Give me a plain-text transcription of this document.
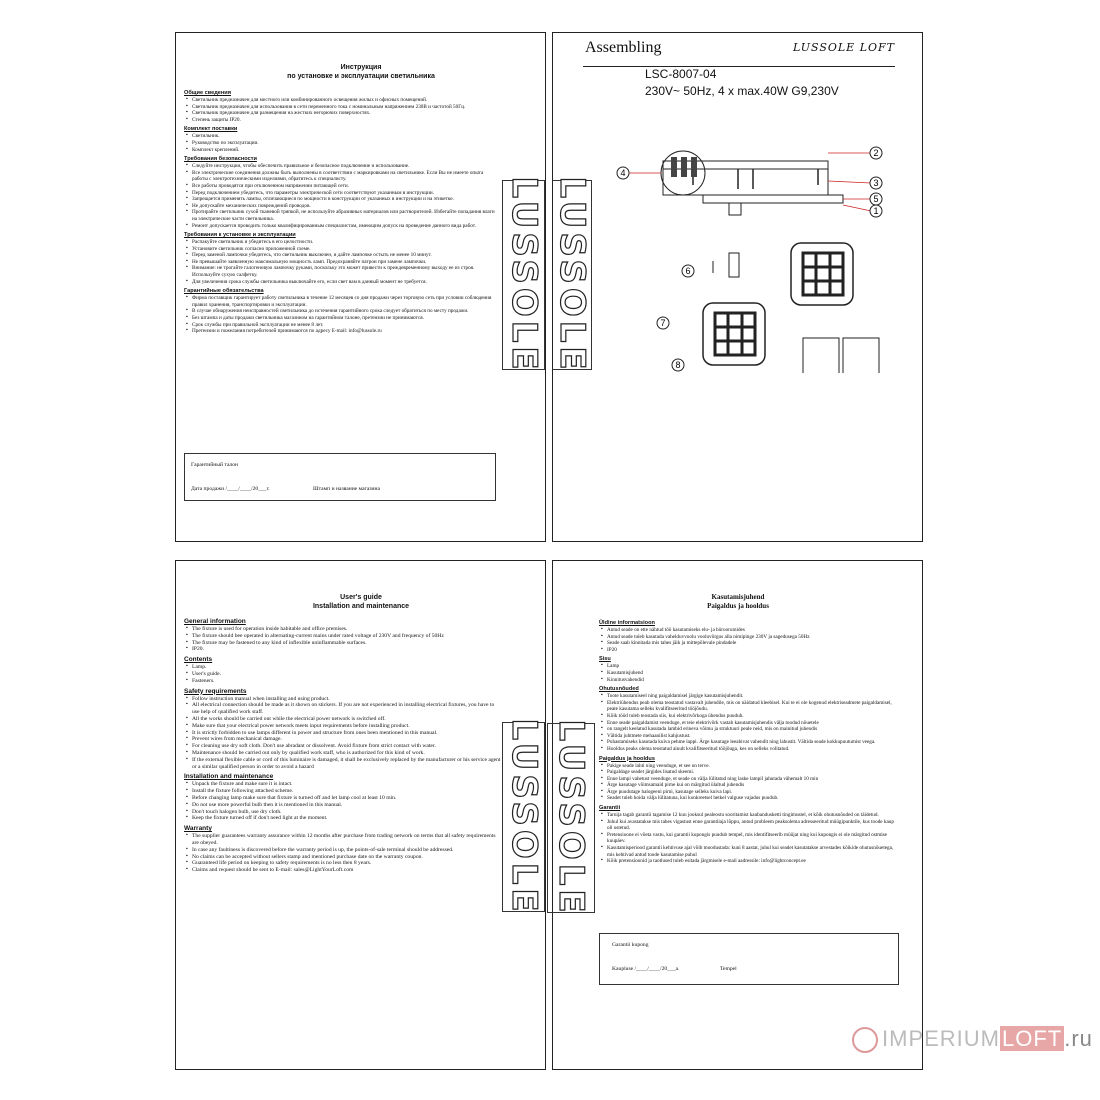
Инструкция
по установке и эксплуатации светильника
Общие сведения
▪ Светильник предназначен для местного или комбинированного освещения жилых и офисных помещений.
▪ Светильник предназначен для использования в сети переменного тока с номинальным напряжением 230В и частотой 50Гц.
▪ Светильник предназначен для размещения на жестких негорючих поверхностях.
▪ Степень защиты IP20.
Комплект поставки
▪ Светильник.
▪ Руководство по эксплуатации.
▪ Комплект креплений.
Требования безопасности
▪ Следуйте инструкции, чтобы обеспечить правильное и безопасное подключение и использование.
▪ Все электрические соединения должны быть выполнены в соответствии с маркировками на светильнике. Если Вы не имеете опыта работы с электротехническими изделиями, обратитесь к специалисту.
▪ Все работы проводятся при отключенном напряжении питающей сети.
▪ Перед подключением убедитесь, что параметры электрической сети соответствуют указанным в инструкции.
▪ Запрещается применять лампы, отличающиеся по мощности в конструкции от указанных в инструкции и на этикетке.
▪ Не допускайте механических повреждений проводов.
▪ Протирайте светильник сухой тканевой тряпкой, не используйте абразивных материалов или растворителей. Избегайте попадания влаги на электрические части светильника.
▪ Ремонт допускается проводить только квалифицированным специалистам, имеющим допуск на проведение данного вида работ.
Требования к установке и эксплуатации
▪ Распакуйте светильник и убедитесь в его целостности.
▪ Установите светильник согласно приложенной схеме.
▪ Перед заменой лампочки убедитесь, что светильник выключен, и дайте лампочке остыть не менее 10 минут.
▪ Не превышайте заявленную максимальную мощность ламп. Предохраняйте патрон при замене лампочки.
▪ Внимание: не трогайте галогеновую лампочку руками, поскольку это может привести к преждевременному выходу ее из строя. Используйте сухую салфетку.
▪ Для увеличения срока службы светильника выключайте его, если свет вам в данный момент не требуется.
Гарантийные обязательства
▪ Фирма поставщик гарантирует работу светильника в течение 12 месяцев со дня продажи через торговую сеть при условии соблюдения правил хранения, транспортировки и эксплуатации.
▪ В случае обнаружения неисправностей светильника до истечения гарантийного срока следует обратиться по месту продажи.
▪ Без штампа и даты продажи светильника магазином на гарантийном талоне, претензии не принимаются.
▪ Срок службы при правильной эксплуатации не менее 8 лет.
▪ Претензии и пожелания потребителей принимаются по адресу E-mail: info@lussole.ru
Гарантийный талон
Дата продажи /____/____/20___г.	Штамп и название магазина
LUSSOLE
Assembling	LUSSOLE LOFT
LSC-8007-04
230V~ 50Hz, 4 x max.40W G9,230V
1
2
3
4
5
6
7
8
User's guide
Installation and maintenance
General information
▪ The fixture is used for operation inside habitable and office premises.
▪ The fixture should bee operated in alternating-current mains under rated voltage of 230V and frequency of 50Hz
▪ The fixture may be fastened to any kind of inflexible uninflammable surfaces.
▪ IP20.
Contents
▪ Lamp.
▪ User's guide.
▪ Fasteners.
Safety requirements
▪ Follow instruction manual when installing and using product.
▪ All electrical connection should be made as it shown on stickers. If you are not experienced in installing electrical fixtures, you have to use help of qualified work staff.
▪ All the works should be carried out while the electrical power network is switched off.
▪ Make sure that your electrical power network meets input requirements before installing product.
▪ It is strictly forbidden to use lamps different in power and structure from ones been mentioned in this manual.
▪ Prevent wires from mechanical damage.
▪ For cleaning use dry soft cloth. Don't use abradant or dissolvent. Avoid fixture from strict contact with water.
▪ Maintenance should be carried out only by qualified work staff, who is authorized for this kind of work.
▪ If the external flexible cable or cord of this luminaire is damaged, it shall be exclusively replaced by the manufacturer or his service agent or a similar qualified person in order to avoid a hazard
Installation and maintenance
▪ Unpack the fixture and make sure it is intact.
▪ Install the fixture following attached scheme.
▪ Before changing lamp make sure that fixture is turned off and let lamp cool at least 10 min.
▪ Do not use more powerful bulb then it is mentioned in this manual.
▪ Don't touch halogen bulb, use dry cloth.
▪ Keep the fixture turned off if don't need light at the moment.
Warranty
▪ The supplier guarantees warranty assurance within 12 months after purchase from trading network on terms that all safety requirements are obeyed.
▪ In case any faultiness is discovered before the warranty period is up, the points-of-sale terminal should be addressed.
▪ No claims can be accepted without sellers stamp and mentioned purchase date on the warranty coupon.
▪ Guaranteed life period on keeping to safety requirements is no less then 8 years.
▪ Claims and request should be sent to E-mail: sales@LightYourLoft.com	LUSSOLE
Kasutamisjuhend
Paigaldus ja hooldus
Üldine informatsioon
▪ Antud seade on ette nähtud töö kasutamiseks elu- ja büroorumides
▪ Antud seade tuleb kasutada vahelduvvoolu vooluvõrgus alla nimipinge 230V ja sagedusega 50Hz
▪ Seade saab kinnitada mis tahes jäik ja mittepõlevale pindadele
▪ IP20
Sisu
▪ Lamp
▪ Kasutamisjuhend
▪ Kinnitusvahendid
Ohutusnõuded
▪ Toote kasutamiseel ning paigaldamisel järgige kasutamisjuhendit.
▪ Elektriühendus peab olema teostatud vastavalt juhendile, mis on näidatud kleebisel. Kui te ei ole kogenud elektriseadmete paigaldamisel, peate kasutama selleks kvalifitseeritud tööjõudu.
▪ Kõik tööd tuleb teostada siis, kui elektrivõrkoga ühendus puudub.
▪ Enne seade paigaldamist veenduge, et teie elektrivõrk vastab kasutamisjuhendis välja toodud nõuetele
▪ on rangelt keelatud kasutada lambid erineva võimu ja struktuuri peale neid, mis on mainitud juhendis
▪ Vältida juhtmete mehaanilist kahjustust.
▪ Puhastamiseks kasutada kuiva pehme lappi. Ärge kasutage leeabivat vahendit ning lahustit. Vältida seade kokkupuutumist veega.
▪ Hooldus peaks olema teostatud ainult kvalifitseeritud tööjõuga, kes on selleks volitatud.
Paigaldus ja hooldus
▪ Pakige seade lahti ning veenduge, et see on terve.
▪ Paigaldage seadet järgides lisatud skeemi.
▪ Enne lampi vahetust veenduge, et seade on välja lülitatud ning laske lampil jahutada vähemalt 10 min
▪ Ärge kasutage võimsamaid pirne kui on märgitud ülaltud juhendis
▪ Ärge puudutage halogeeni pirni, kasutage selleks kuiva lapi.
▪ Seadet tuleb hoida välja lülitatuna, kui konkreetsel hetkel valguse vajadus puudub.
Garantii
▪ Tarnija tagab garantii tagamise 12 kuu jooksul pealeostu sooritamist kaubandusketti tingimustel, et kõik ohutusnõuded on täidetud.
▪ Juhul kui avastatakse mis tahes vigastust enne garantiiaja lõppu, antud probleem peaksolema adresseeritud müügipunktile, kus toode kaup oli ostetud.
▪ Pretensioone ei võeta vastu, kui garantii kupongis puudub tempel, mis identifitseerib müüjat ning kui kupongis ei ole märgitud ostmise kuupäev.
▪ Kasutamisperiood garantii kehtivuse ajal võib moodustada: kuni 8 aastat, juhul kui seadet kasutatakse arvestades kõikide ohutusnõuetega, mis kehtivad antud toode kasutamise puhul
▪ Kõik pretensioonid ja taotlused tuleb esitada järgmisele e-mail aadressile: info@lightconcept.ee
Garantii kupong
Kaupluse /____/____/20___a.	Tempel
LUSSOLE
LUSSOLE
IMPERIUMLOFT.ru
